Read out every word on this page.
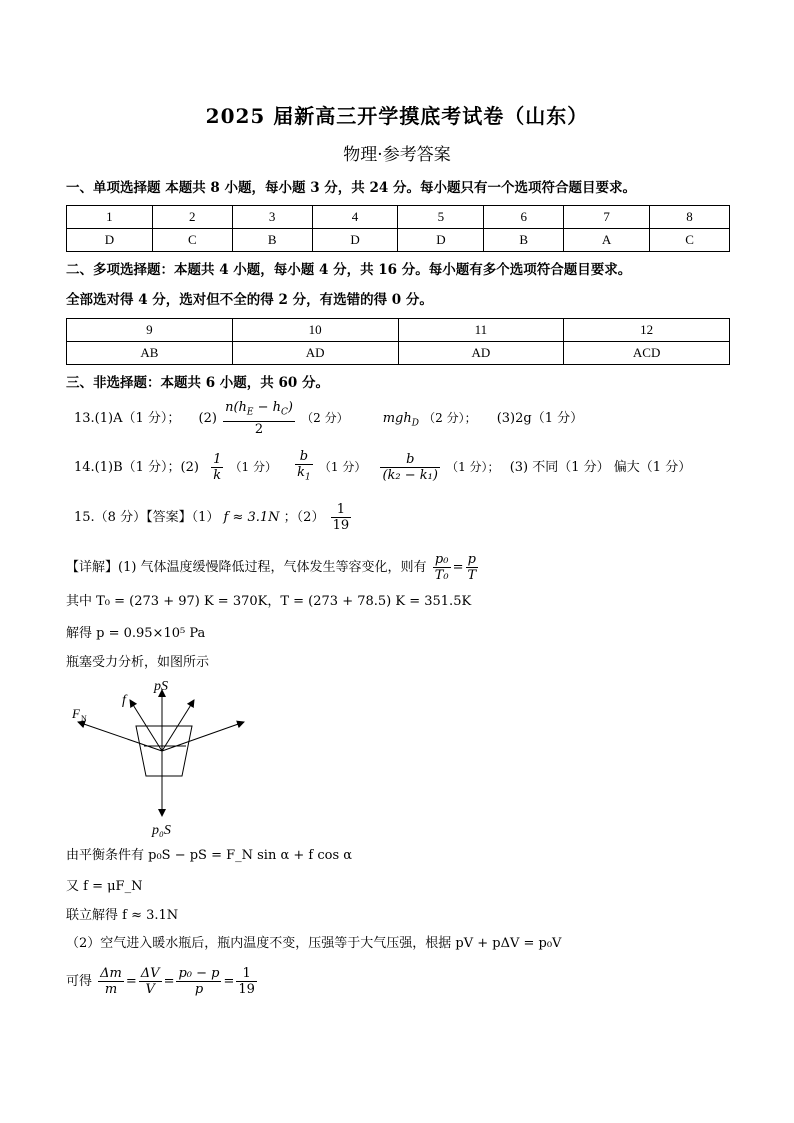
2025 届新高三开学摸底考试卷（山东）
物理·参考答案
一、单项选择题 本题共 8 小题，每小题 3 分，共 24 分。每小题只有一个选项符合题目要求。
1	2	3	4	5	6	7	8
D	C	B	D	D	B	A	C
二、多项选择题：本题共 4 小题，每小题 4 分，共 16 分。每小题有多个选项符合题目要求。
全部选对得 4 分，选对但不全的得 2 分，有选错的得 0 分。
9	10	11	12
AB	AD	AD	ACD
三、非选择题：本题共 6 小题，共 60 分。
13.(1)A（1 分）； $(2) \frac{n(h_E - h_C)}{2} (2$ 分）	mgh$_D$ （2 分）； (3)2g（1 分）
14.(1)B（1 分）；$(2) \frac{1}{k} (1$ 分） $\frac{b}{k_1} (1$ 分） $\frac{b}{\text{(k₂ − k₁)}} (1$ 分）； (3) 不同（1 分） 偏大（1 分）
15.（8 分）【答案】（1） f ≈ 3.1N ；$(2) \frac{1}{19}$
【详解】(1) 气体温度缓慢降低过程，气体发生等容变化，则有 $\frac{\text{p₀}}{\text{T₀}} = \frac{p}{T}$
其中 T₀ = (273 + 97) K = 370K，T = (273 + 78.5) K = 351.5K
解得 p = 0.95×10⁵ Pa
瓶塞受力分析，如图所示
pS
f
F N
p₀S
由平衡条件有 p₀S − pS = F_N sin α + f cos α
又 f = μF_N
联立解得 f ≈ 3.1N
（2）空气进入暖水瓶后，瓶内温度不变，压强等于大气压强，根据 pV + pΔV = p₀V
可得 $\frac{\Delta m}{m} = \frac{\Delta V}{V} = \frac{\text{p₀ − p}}{p} = \frac{1}{19}$
